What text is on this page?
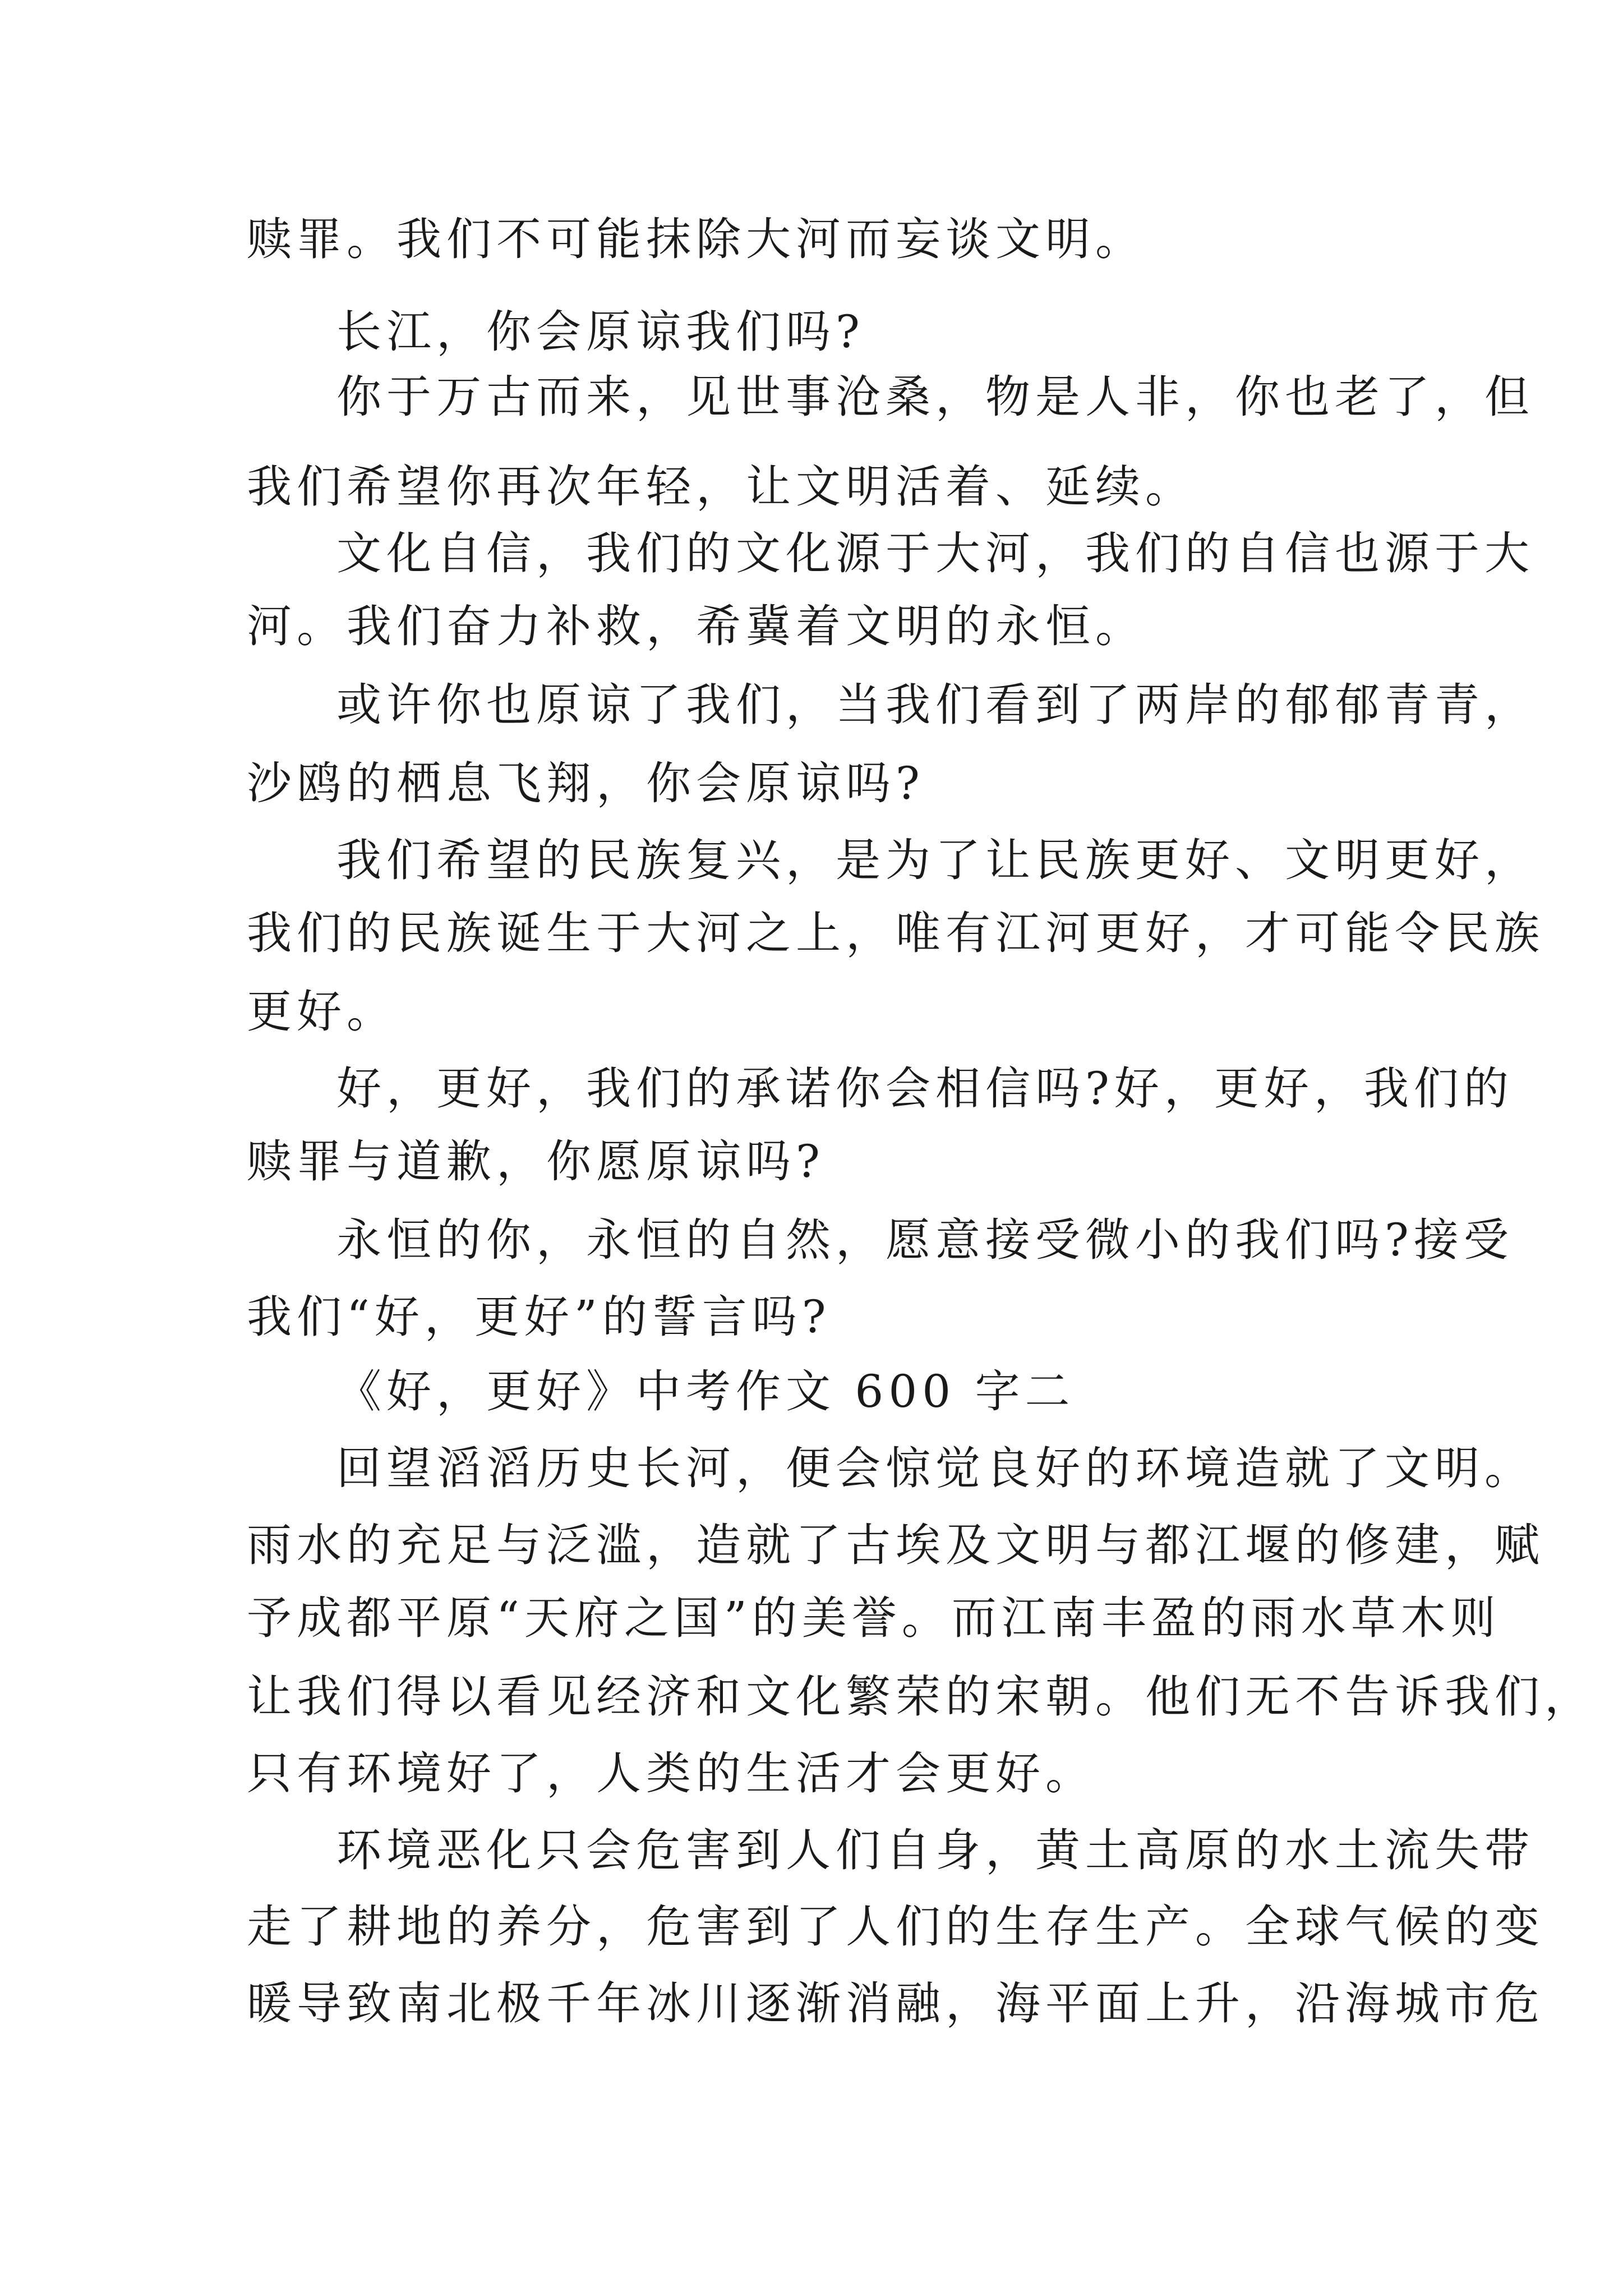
赎罪。我们不可能抹除大河而妄谈文明。
长江，你会原谅我们吗?
你于万古而来，见世事沧桑，物是人非，你也老了，但
我们希望你再次年轻，让文明活着、延续。
文化自信，我们的文化源于大河，我们的自信也源于大
河。我们奋力补救，希冀着文明的永恒。
或许你也原谅了我们，当我们看到了两岸的郁郁青青，
沙鸥的栖息飞翔，你会原谅吗?
我们希望的民族复兴，是为了让民族更好、文明更好，
我们的民族诞生于大河之上，唯有江河更好，才可能令民族
更好。
好，更好，我们的承诺你会相信吗?好，更好，我们的
赎罪与道歉，你愿原谅吗?
永恒的你，永恒的自然，愿意接受微小的我们吗?接受
我们“好，更好”的誓言吗?
《好，更好》中考作文 600 字二
回望滔滔历史长河，便会惊觉良好的环境造就了文明。
雨水的充足与泛滥，造就了古埃及文明与都江堰的修建，赋
予成都平原“天府之国”的美誉。而江南丰盈的雨水草木则
让我们得以看见经济和文化繁荣的宋朝。他们无不告诉我们，
只有环境好了，人类的生活才会更好。
环境恶化只会危害到人们自身，黄土高原的水土流失带
走了耕地的养分，危害到了人们的生存生产。全球气候的变
暖导致南北极千年冰川逐渐消融，海平面上升，沿海城市危
